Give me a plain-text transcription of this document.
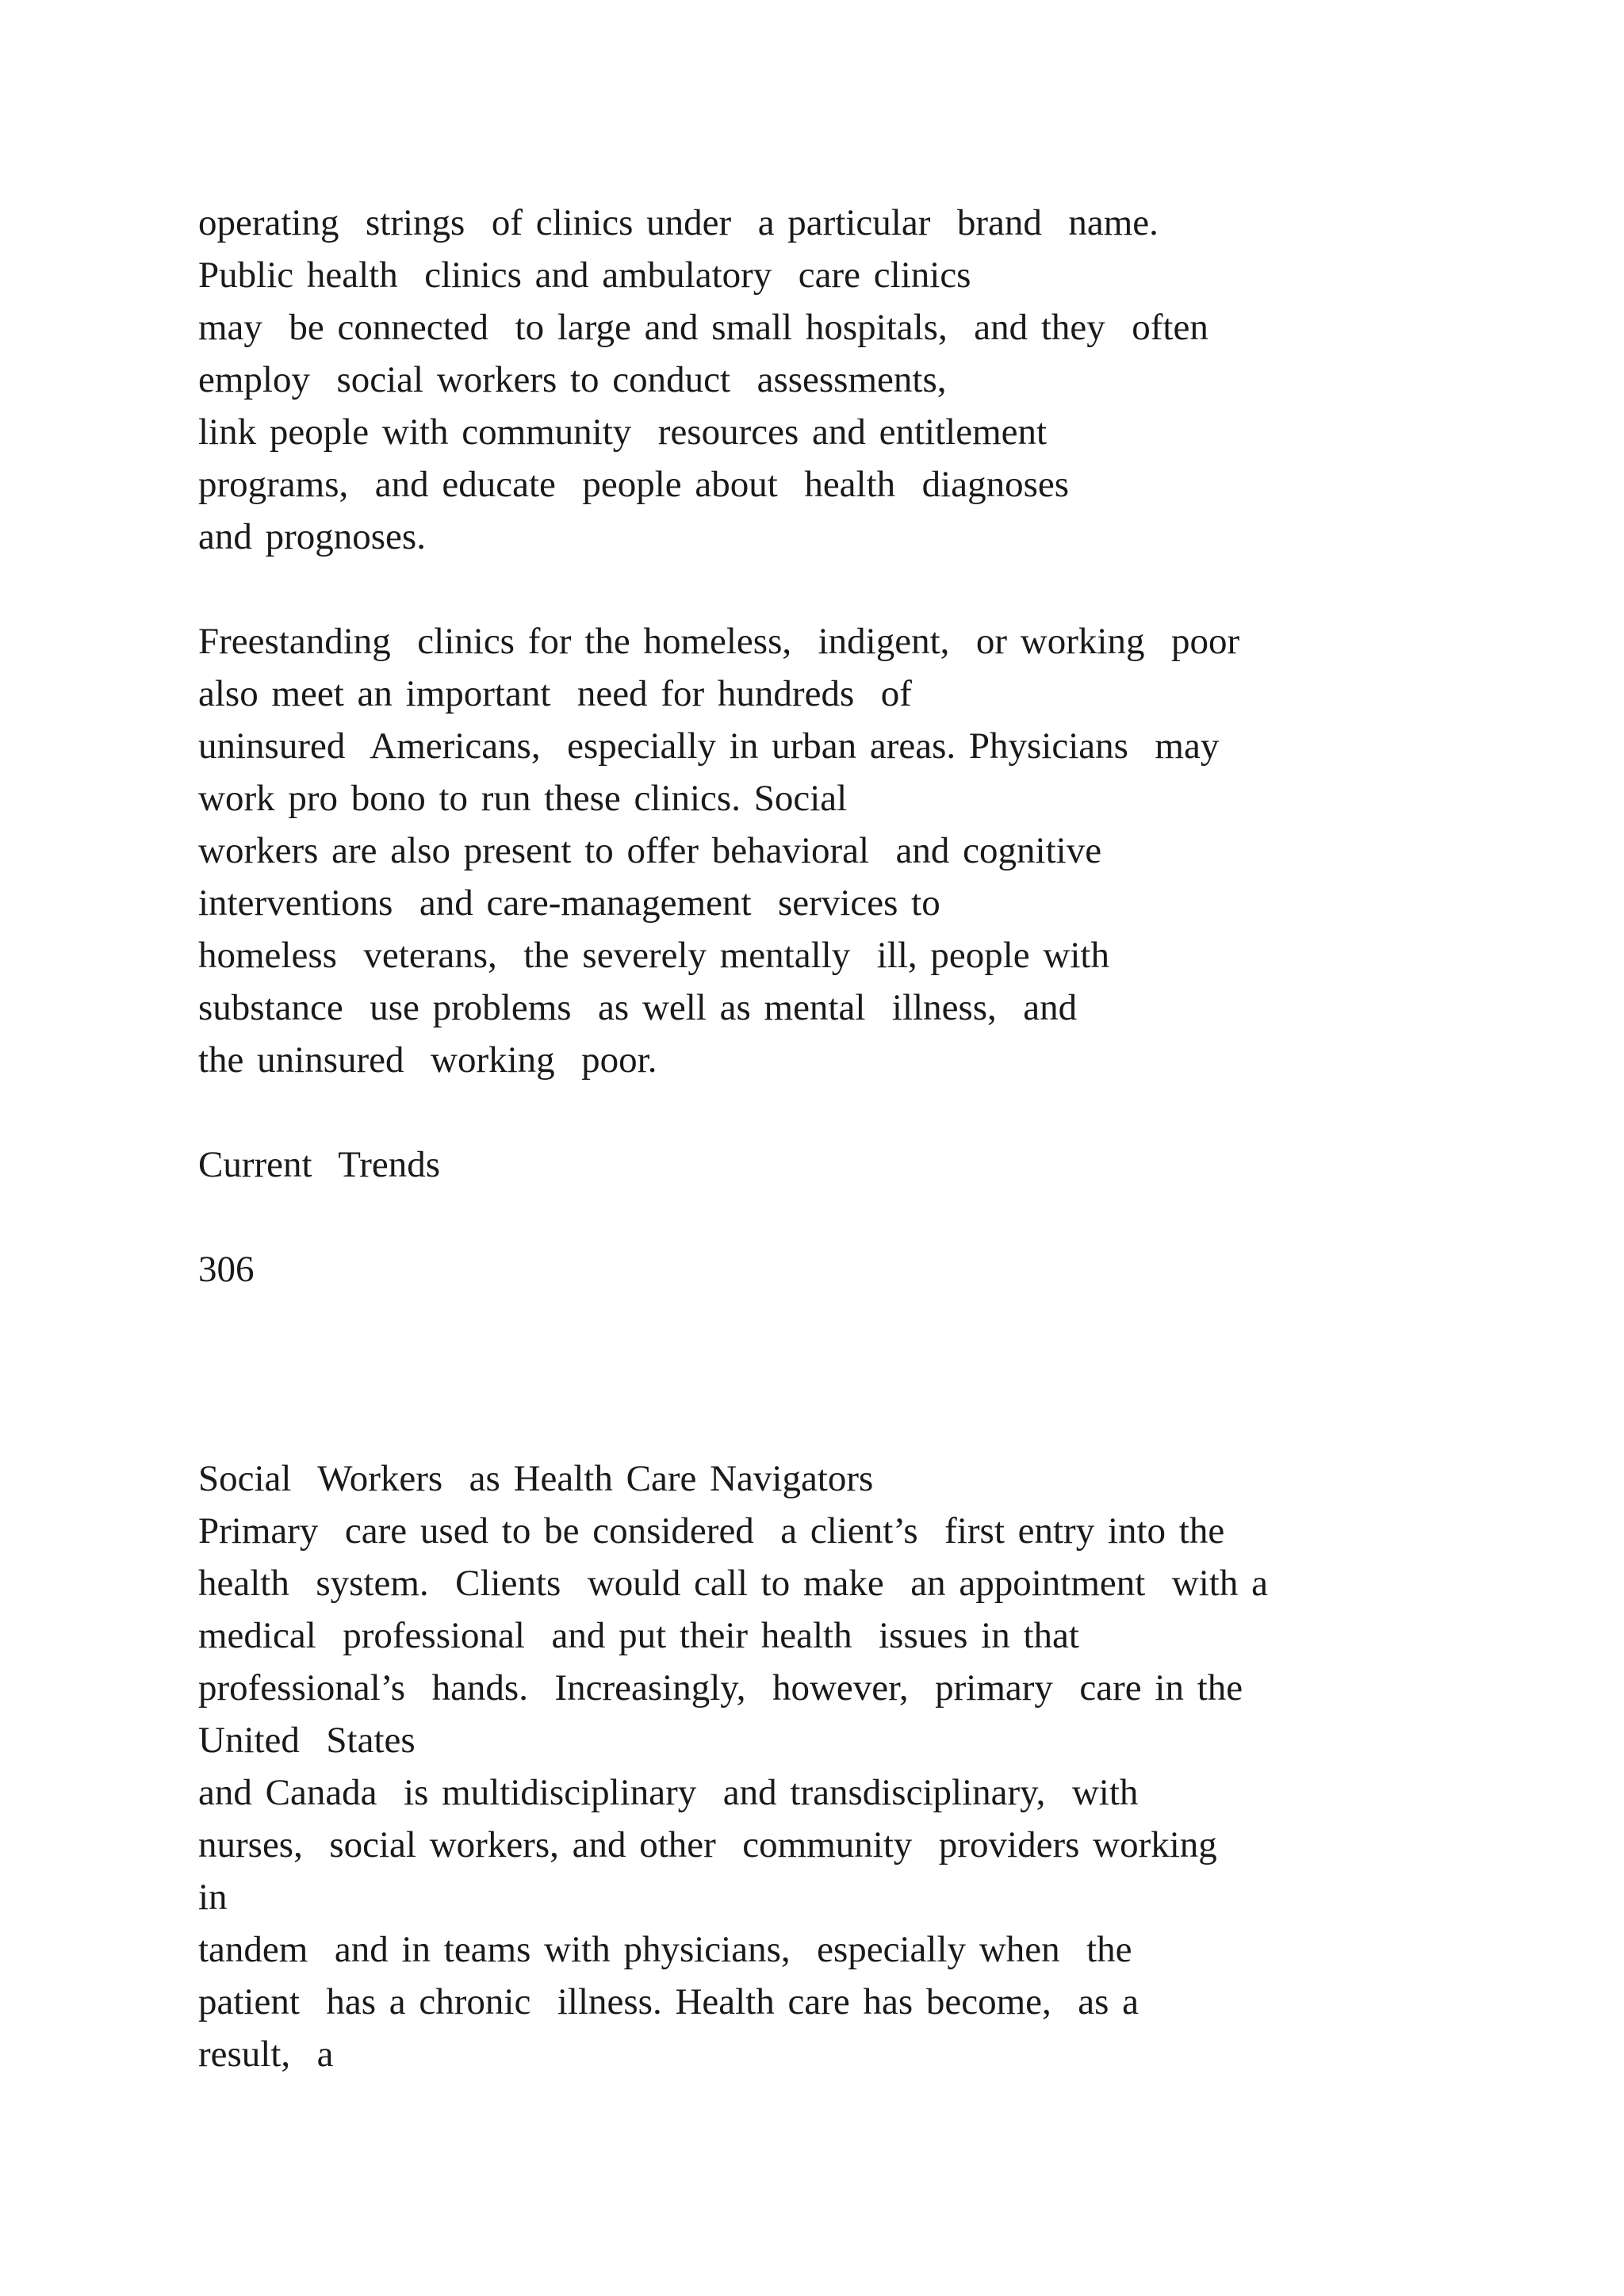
operating  strings  of clinics under  a particular  brand  name.
Public health  clinics and ambulatory  care clinics
may  be connected  to large and small hospitals,  and they  often
employ  social workers to conduct  assessments,
link people with community  resources and entitlement
programs,  and educate  people about  health  diagnoses
and prognoses.
Freestanding  clinics for the homeless,  indigent,  or working  poor
also meet an important  need for hundreds  of
uninsured  Americans,  especially in urban areas. Physicians  may
work pro bono to run these clinics. Social
workers are also present to offer behavioral  and cognitive
interventions  and care-management  services to
homeless  veterans,  the severely mentally  ill, people with
substance  use problems  as well as mental  illness,  and
the uninsured  working  poor.
Current  Trends
306
Social  Workers  as Health Care Navigators
Primary  care used to be considered  a client’s  first entry into the
health  system.  Clients  would call to make  an appointment  with a
medical  professional  and put their health  issues in that
professional’s  hands.  Increasingly,  however,  primary  care in the
United  States
and Canada  is multidisciplinary  and transdisciplinary,  with
nurses,  social workers, and other  community  providers working
in
tandem  and in teams with physicians,  especially when  the
patient  has a chronic  illness. Health care has become,  as a
result,  a
